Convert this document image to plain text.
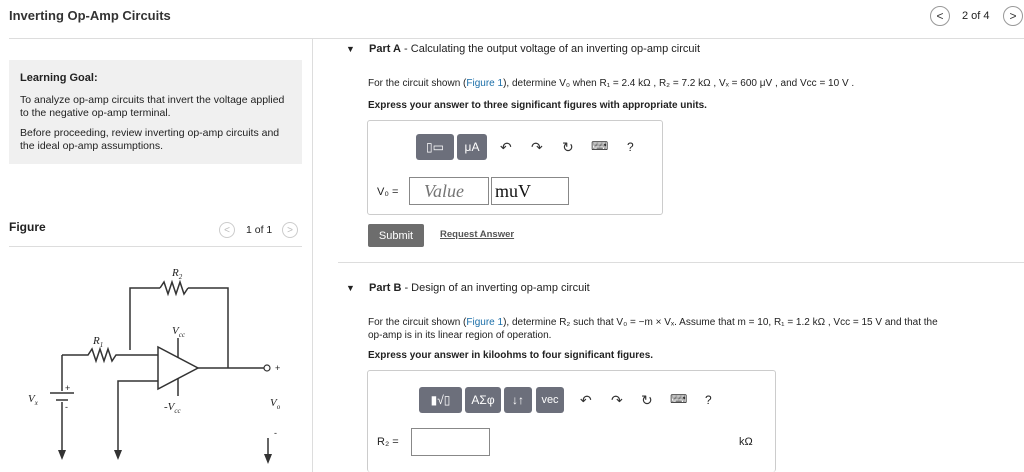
Inverting Op-Amp Circuits	< 2 of 4 >
Learning Goal:
To analyze op-amp circuits that invert the voltage applied to the negative op-amp terminal.
Before proceeding, review inverting op-amp circuits and the ideal op-amp assumptions.
Figure	< 1 of 1 >
$R_2$
$R_1$
$V_{cc}$
$-V_{cc}$
$V_x$	$V_o$
+
-
+
-
▼ Part A - Calculating the output voltage of an inverting op-amp circuit
For the circuit shown (Figure 1), determine V₀ when R₁ = 2.4 kΩ , R₂ = 7.2 kΩ , Vₓ = 600 μV , and Vᴄᴄ = 10 V .
Express your answer to three significant figures with appropriate units.
▯▭ μA ↶ ↷ ↻ ⌨ ?
V₀ =
Value
muV
Submit	Request Answer
▼ Part B - Design of an inverting op-amp circuit
For the circuit shown (Figure 1), determine R₂ such that V₀ = −m × Vₓ. Assume that m = 10, R₁ = 1.2 kΩ , Vᴄᴄ = 15 V and that the
op-amp is in its linear region of operation.
Express your answer in kiloohms to four significant figures.
▮√▯ AΣφ ↓↑ vec ↶ ↷ ↻ ⌨ ?
R₂ =	kΩ
